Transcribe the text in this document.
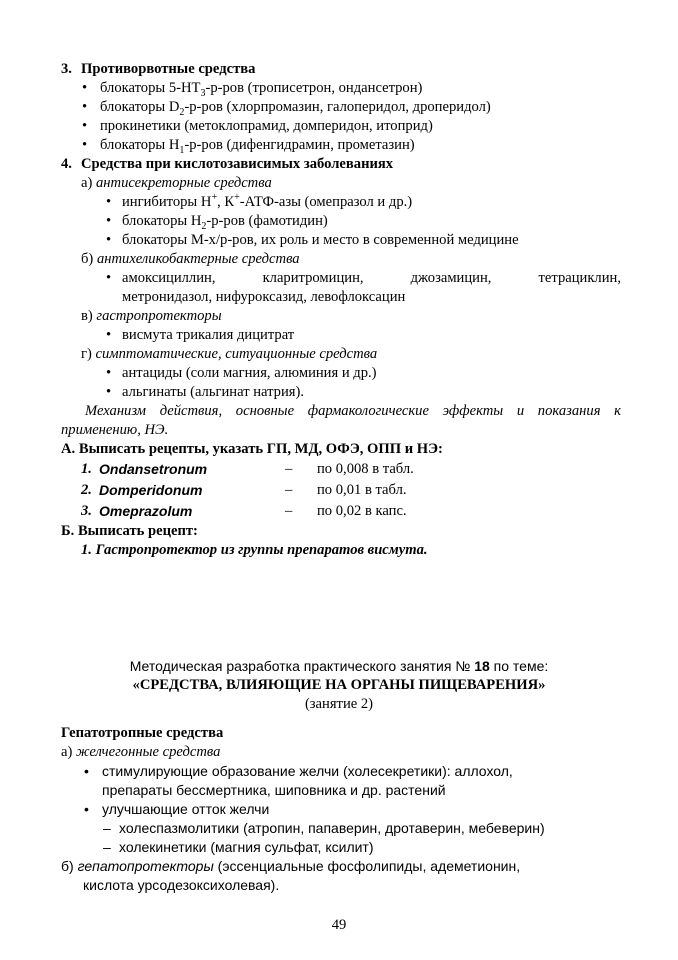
3. Противорвотные средства

• блокаторы $5-НТ_3-р$-ров (трописетрон, ондансетрон)
• блокаторы $D_2-р$-ров (хлорпромазин, галоперидол, дроперидол)
• прокинетики (метоклопрамид, домперидон, итоприд)
• блокаторы $Н_1-р$-ров (дифенгидрамин, прометазин)

4. Средства при кислотозависимых заболеваниях

а) антисекреторные средства

• ингибиторы Н+, К+-АТФ-азы (омепразол и др.)
• блокаторы $Н_2-р$-ров (фамотидин)
• блокаторы М-х/р-ров, их роль и место в современной медицине

б) антихеликобактерные средства

• амоксициллин, кларитромицин, джозамицин, тетрациклин,
метронидазол, нифуроксазид, левофлоксацин

в) гастропротекторы

• висмута трикалия дицитрат

г) симптоматические, ситуационные средства

• антациды (соли магния, алюминия и др.)
• альгинаты (альгинат натрия).

Механизм действия, основные фармакологические эффекты и показания к применению, НЭ.

А. Выписать рецепты, указать ГП, МД, ОФЭ, ОПП и НЭ:

1. Ondansetronum	–	по 0,008 в табл.
2. Domperidonum	–	по 0,01 в табл.
3. Omeprazolum	–	по 0,02 в капс.

Б. Выписать рецепт:

1. Гастропротектор из группы препаратов висмута.

Методическая разработка практического занятия № 18 по теме:

«СРЕДСТВА, ВЛИЯЮЩИЕ НА ОРГАНЫ ПИЩЕВАРЕНИЯ»

(занятие 2)

Гепатотропные средства

а) желчегонные средства

• стимулирующие образование желчи (холесекретики): аллохол,
препараты бессмертника, шиповника и др. растений
• улучшающие отток желчи
– холеспазмолитики (атропин, папаверин, дротаверин, мебеверин)
– холекинетики (магния сульфат, ксилит)

б) гепатопротекторы (эссенциальные фосфолипиды, адеметионин,

кислота урсодезоксихолевая).

49
